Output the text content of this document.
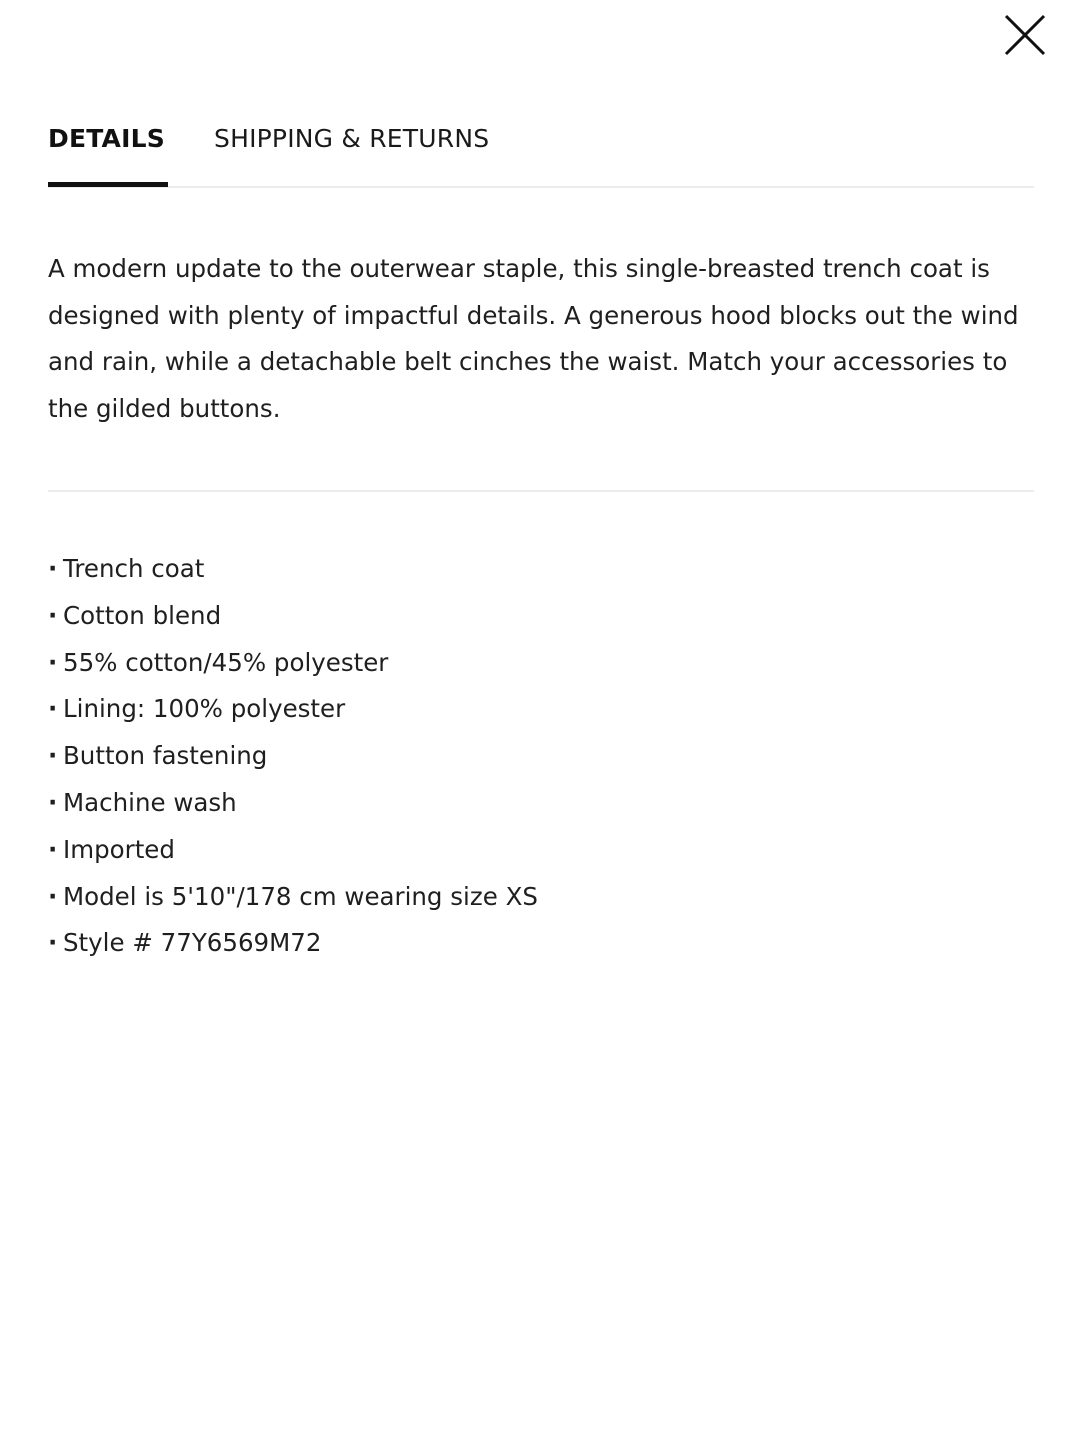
DETAILS SHIPPING & RETURNS

A modern update to the outerwear staple, this single-breasted trench coat is designed with plenty of impactful details. A generous hood blocks out the wind and rain, while a detachable belt cinches the waist. Match your accessories to the gilded buttons.

· Trench coat
· Cotton blend
· 55% cotton/45% polyester
· Lining: 100% polyester
· Button fastening
· Machine wash
· Imported
· Model is 5'10"/178 cm wearing size XS
· Style # 77Y6569M72
